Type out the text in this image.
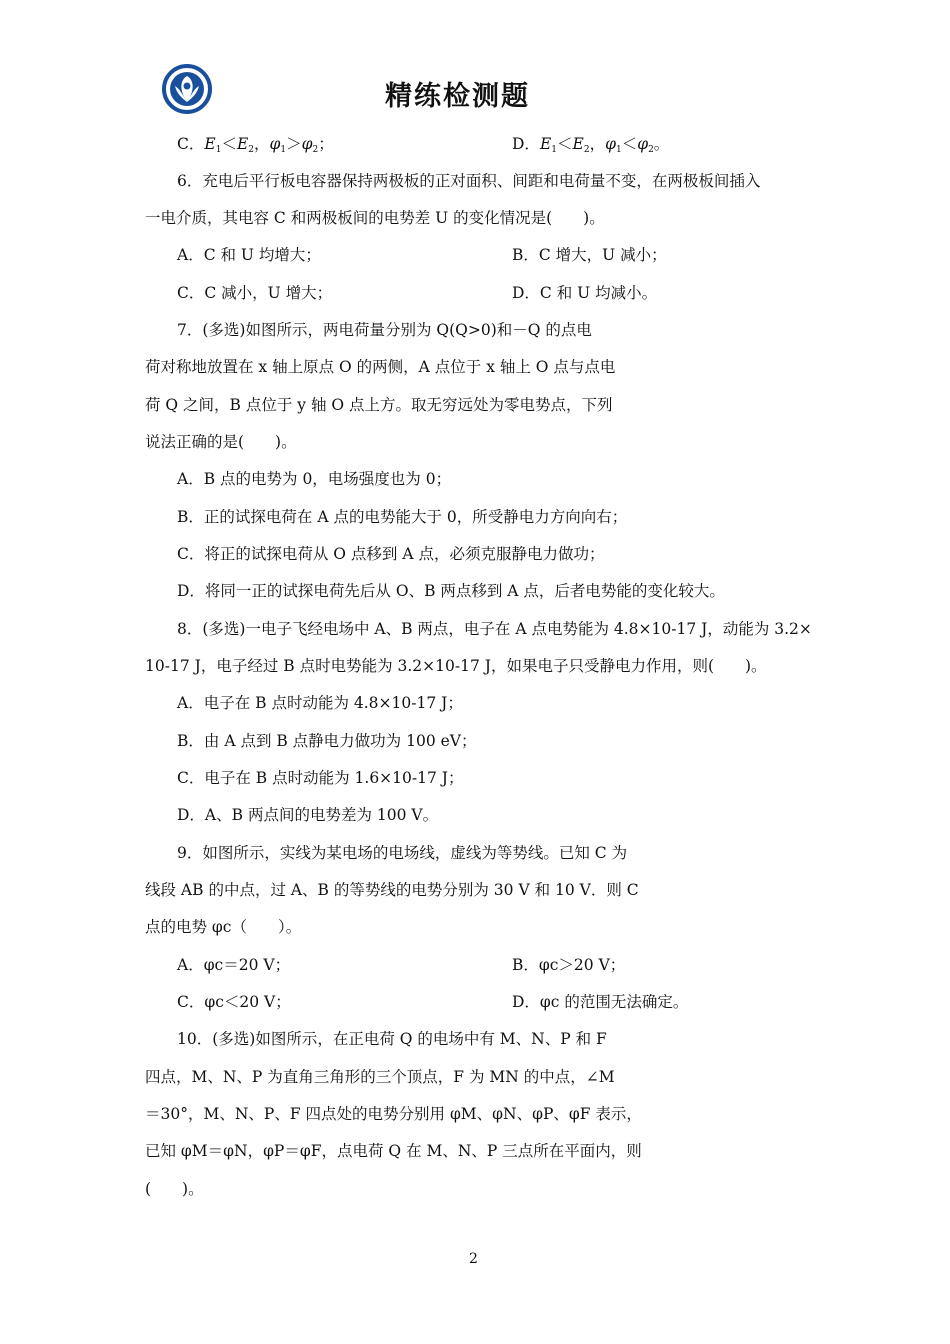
精练检测题
C．$E_1<E_2$，$\varphi_1>\varphi_2$；	D．$E_1<E_2$，$\varphi_1<\varphi_2$。
6．充电后平行板电容器保持两极板的正对面积、间距和电荷量不变，在两极板间插入
一电介质，其电容 C 和两极板间的电势差 U 的变化情况是(　　)。
A．C 和 U 均增大；	B．C 增大，U 减小；
C．C 减小，U 增大；	D．C 和 U 均减小。
7．(多选)如图所示，两电荷量分别为 Q(Q>0)和－Q 的点电
荷对称地放置在 x 轴上原点 O 的两侧，A 点位于 x 轴上 O 点与点电
荷 Q 之间，B 点位于 y 轴 O 点上方。取无穷远处为零电势点，下列
说法正确的是(　　)。
A．B 点的电势为 0，电场强度也为 0；
B．正的试探电荷在 A 点的电势能大于 0，所受静电力方向向右；
C．将正的试探电荷从 O 点移到 A 点，必须克服静电力做功；
D．将同一正的试探电荷先后从 O、B 两点移到 A 点，后者电势能的变化较大。
8．(多选)一电子飞经电场中 A、B 两点，电子在 A 点电势能为 4.8×10-17 J，动能为 3.2×
10-17 J，电子经过 B 点时电势能为 3.2×10-17 J，如果电子只受静电力作用，则(　　)。
A．电子在 B 点时动能为 4.8×10-17 J；
B．由 A 点到 B 点静电力做功为 100 eV；
C．电子在 B 点时动能为 1.6×10-17 J；
D．A、B 两点间的电势差为 100 V。
9．如图所示，实线为某电场的电场线，虚线为等势线。已知 C 为
线段 AB 的中点，过 A、B 的等势线的电势分别为 30 V 和 10 V．则 C
点的电势 φc（　　）。
A．φc＝20 V；	B．φc＞20 V；
C．φc＜20 V；	D．φc 的范围无法确定。
10．(多选)如图所示，在正电荷 Q 的电场中有 M、N、P 和 F
四点，M、N、P 为直角三角形的三个顶点，F 为 MN 的中点，∠M
＝30°，M、N、P、F 四点处的电势分别用 φM、φN、φP、φF 表示，
已知 φM＝φN，φP＝φF，点电荷 Q 在 M、N、P 三点所在平面内，则
(　　)。
2
